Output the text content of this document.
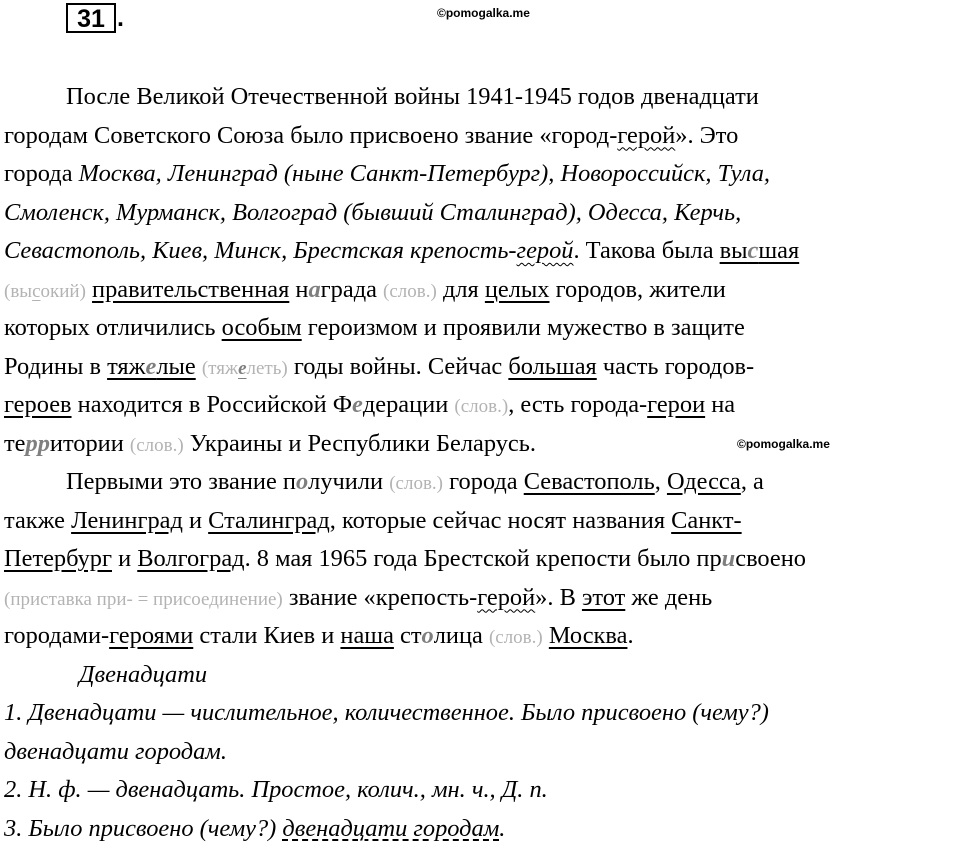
31 .	©pomogalka.me
©pomogalka.me
После Великой Отечественной войны 1941-1945 годов двенадцати
городам Советского Союза было присвоено звание «город-герой». Это
города Москва, Ленинград (ныне Санкт-Петербург), Новороссийск, Тула,
Смоленск, Мурманск, Волгоград (бывший Сталинград), Одесса, Керчь,
Севастополь, Киев, Минск, Брестская крепость-герой. Такова была высшая
(высокий) правительственная награда (слов.) для целых городов, жители
которых отличились особым героизмом и проявили мужество в защите
Родины в тяжелые (тяжелеть) годы войны. Сейчас большая часть городов-
героев находится в Российской Федерации (слов.), есть города-герои на
территории (слов.) Украины и Республики Беларусь.
Первыми это звание получили (слов.) города Севастополь, Одесса, а
также Ленинград и Сталинград, которые сейчас носят названия Санкт-
Петербург и Волгоград. 8 мая 1965 года Брестской крепости было присвоено
(приставка при- = присоединение) звание «крепость-герой». В этот же день
городами-героями стали Киев и наша столица (слов.) Москва.
Двенадцати
1. Двенадцати — числительное, количественное. Было присвоено (чему?)
двенадцати городам.
2. Н. ф. — двенадцать. Простое, колич., мн. ч., Д. п.
3. Было присвоено (чему?) двенадцати городам.
